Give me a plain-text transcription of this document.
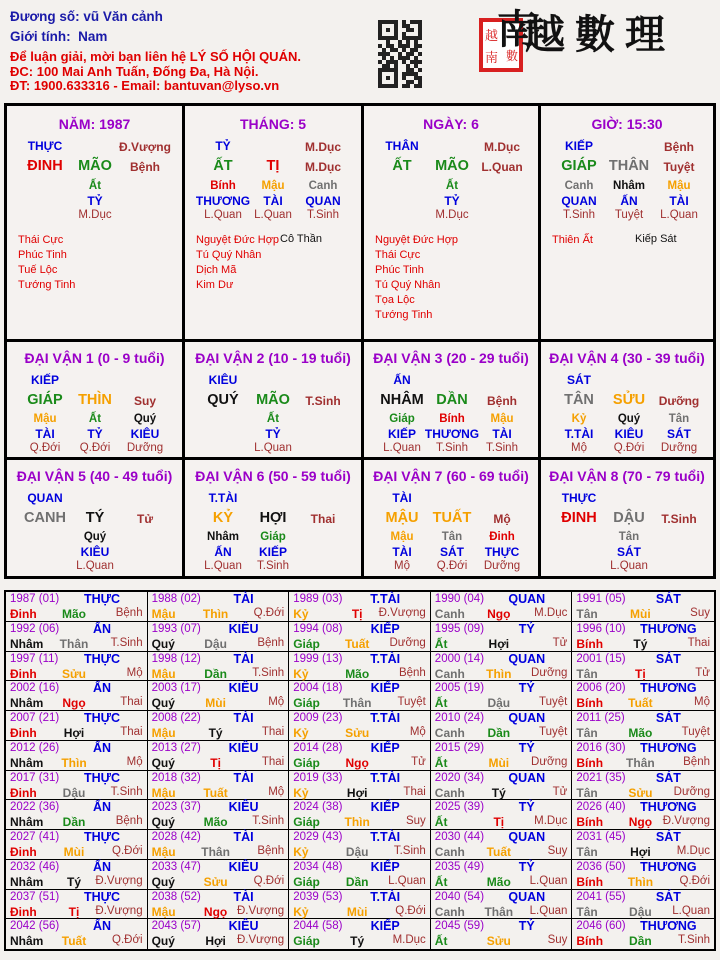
Đương số: vũ Văn cảnh
Giới tính: Nam
Để luận giải, mời bạn liên hệ LÝ SỐ HỘI QUÁN.
ĐC: 100 Mai Anh Tuấn, Đống Đa, Hà Nội.
ĐT: 1900.633316 - Email: bantuvan@lyso.vn
越
南 數
南
越數理
NĂM: 1987
THỰC	Đ.Vượng
ĐINH	MÃO	Bệnh
Ất
TỶ
M.Dục
Thái Cực
Phúc Tinh
Tuế Lộc
Tướng Tinh
THÁNG: 5
TỶ	M.Dục
ẤT	TỊ	M.Dục
Bính
THƯƠNG
L.Quan
Mậu
TÀI
L.Quan
Canh
QUAN
T.Sinh
Nguyệt Đức Hợp
Tú Quý Nhân
Dịch Mã
Kim Dư
Cô Thần
NGÀY: 6
THÂN	M.Dục
ẤT	MÃO	L.Quan
Ất
TỶ
M.Dục
Nguyệt Đức Hợp
Thái Cực
Phúc Tinh
Tú Quý Nhân
Tọa Lộc
Tướng Tinh
GIỜ: 15:30
KIẾP	Bệnh
GIÁP THÂN	Tuyệt
Canh
QUAN
T.Sinh
Nhâm
ẤN
Tuyệt
Mậu
TÀI
L.Quan
Thiên Ất	Kiếp Sát
ĐẠI VẬN 1 (0 - 9 tuổi)
KIẾP
GIÁP	THÌN	Suy
Mậu
TÀI
Q.Đới
Ất
TỶ
Q.Đới
Quý
KIÊU
Dưỡng
ĐẠI VẬN 2 (10 - 19 tuổi)
KIÊU
QUÝ	MÃO	T.Sinh
Ất
TỶ
L.Quan
ĐẠI VẬN 3 (20 - 29 tuổi)
ẤN
NHÂM DẦN	Bệnh
Giáp
KIẾP
L.Quan
Bính
THƯƠNG
T.Sinh
Mậu
TÀI
T.Sinh
ĐẠI VẬN 4 (30 - 39 tuổi)
SÁT
TÂN	SỬU	Dưỡng
Kỷ
T.TÀI
Mộ
Quý
KIÊU
Q.Đới
Tân
SÁT
Dưỡng
ĐẠI VẬN 5 (40 - 49 tuổi)
QUAN
CANH	TÝ	Tử
Quý
KIÊU
L.Quan
ĐẠI VẬN 6 (50 - 59 tuổi)
T.TÀI
KỶ	HỢI	Thai
Nhâm
ẤN
L.Quan
Giáp
KIẾP
T.Sinh
ĐẠI VẬN 7 (60 - 69 tuổi)
TÀI
MẬU TUẤT	Mộ
Mậu
TÀI
Mộ
Tân
SÁT
Q.Đới
Đinh
THỰC
Dưỡng
ĐẠI VẬN 8 (70 - 79 tuổi)
THỰC
ĐINH	DẬU	T.Sinh
Tân
SÁT
L.Quan
1987 (01)	THỰC
Đinh	Mão	Bệnh
1988 (02)	TÀI
Mậu	Thìn	Q.Đới
1989 (03)	T.TÀI
Kỷ	Tị	Đ.Vượng
1990 (04)	QUAN
Canh	Ngọ	M.Dục
1991 (05)	SÁT
Tân	Mùi	Suy
1992 (06)	ẤN
Nhâm	Thân	T.Sinh
1993 (07)	KIÊU
Quý	Dậu	Bệnh
1994 (08)	KIẾP
Giáp	Tuất	Dưỡng
1995 (09)	TỶ
Ất	Hợi	Tử
1996 (10)	THƯƠNG
Bính	Tý	Thai
1997 (11)	THỰC
Đinh	Sửu	Mộ
1998 (12)	TÀI
Mậu	Dần	T.Sinh
1999 (13)	T.TÀI
Kỷ	Mão	Bệnh
2000 (14)	QUAN
Canh	Thìn	Dưỡng
2001 (15)	SÁT
Tân	Tị	Tử
2002 (16)	ẤN
Nhâm	Ngọ	Thai
2003 (17)	KIÊU
Quý	Mùi	Mộ
2004 (18)	KIẾP
Giáp	Thân	Tuyệt
2005 (19)	TỶ
Ất	Dậu	Tuyệt
2006 (20)	THƯƠNG
Bính	Tuất	Mộ
2007 (21)	THỰC
Đinh	Hợi	Thai
2008 (22)	TÀI
Mậu	Tý	Thai
2009 (23)	T.TÀI
Kỷ	Sửu	Mộ
2010 (24)	QUAN
Canh	Dần	Tuyệt
2011 (25)	SÁT
Tân	Mão	Tuyệt
2012 (26)	ẤN
Nhâm	Thìn	Mộ
2013 (27)	KIÊU
Quý	Tị	Thai
2014 (28)	KIẾP
Giáp	Ngọ	Tử
2015 (29)	TỶ
Ất	Mùi	Dưỡng
2016 (30)	THƯƠNG
Bính	Thân	Bệnh
2017 (31)	THỰC
Đinh	Dậu	T.Sinh
2018 (32)	TÀI
Mậu	Tuất	Mộ
2019 (33)	T.TÀI
Kỷ	Hợi	Thai
2020 (34)	QUAN
Canh	Tý	Tử
2021 (35)	SÁT
Tân	Sửu	Dưỡng
2022 (36)	ẤN
Nhâm	Dần	Bệnh
2023 (37)	KIÊU
Quý	Mão	T.Sinh
2024 (38)	KIẾP
Giáp	Thìn	Suy
2025 (39)	TỶ
Ất	Tị	M.Dục
2026 (40)	THƯƠNG
Bính	Ngọ Đ.Vượng
2027 (41)	THỰC
Đinh	Mùi	Q.Đới
2028 (42)	TÀI
Mậu	Thân	Bệnh
2029 (43)	T.TÀI
Kỷ	Dậu	T.Sinh
2030 (44)	QUAN
Canh	Tuất	Suy
2031 (45)	SÁT
Tân	Hợi	M.Dục
2032 (46)	ẤN
Nhâm	Tý	Đ.Vượng
2033 (47)	KIÊU
Quý	Sửu	Q.Đới
2034 (48)	KIẾP
Giáp	Dần	L.Quan
2035 (49)	TỶ
Ất	Mão	L.Quan
2036 (50)	THƯƠNG
Bính	Thìn	Q.Đới
2037 (51)	THỰC
Đinh	Tị	Đ.Vượng
2038 (52)	TÀI
Mậu	Ngọ Đ.Vượng
2039 (53)	T.TÀI
Kỷ	Mùi	Q.Đới
2040 (54)	QUAN
Canh	Thân	L.Quan
2041 (55)	SÁT
Tân	Dậu	L.Quan
2042 (56)	ẤN
Nhâm	Tuất	Q.Đới
2043 (57)	KIÊU
Quý	Hợi Đ.Vượng
2044 (58)	KIẾP
Giáp	Tý	M.Dục
2045 (59)	TỶ
Ất	Sửu	Suy
2046 (60)	THƯƠNG
Bính	Dần	T.Sinh
